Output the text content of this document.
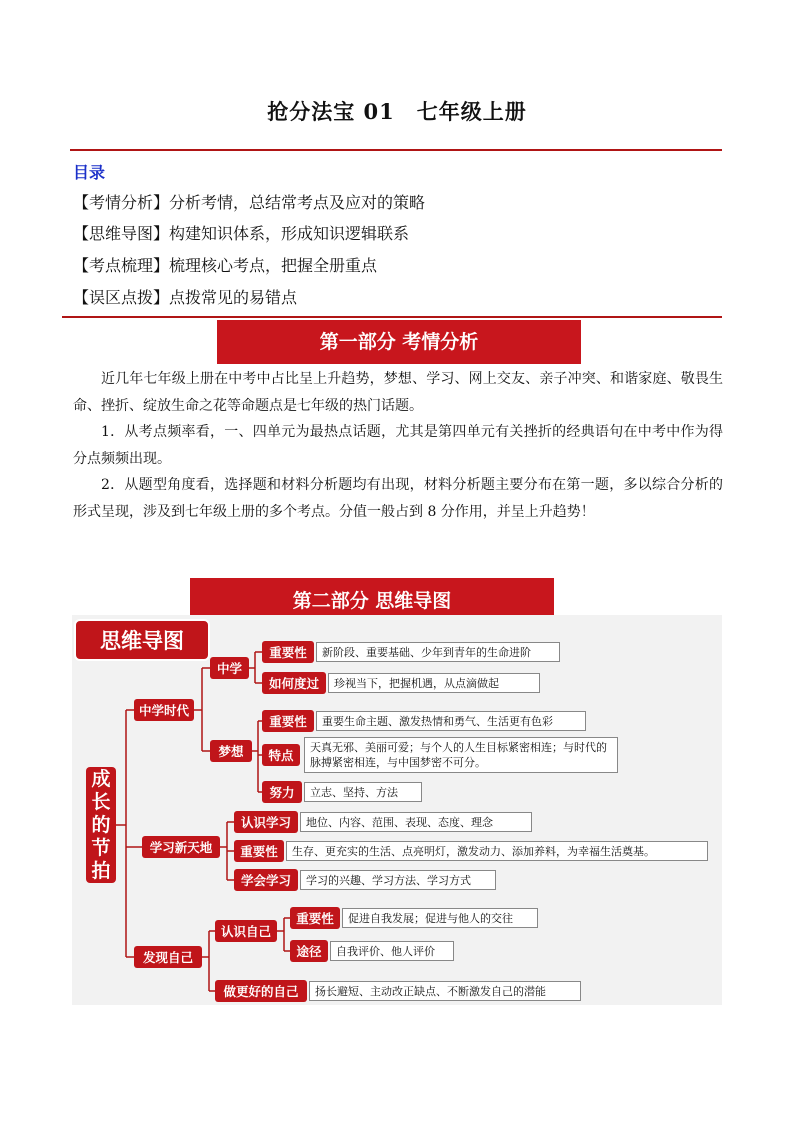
抢分法宝 01　七年级上册
目录
【考情分析】分析考情，总结常考点及应对的策略
【思维导图】构建知识体系，形成知识逻辑联系
【考点梳理】梳理核心考点，把握全册重点
【误区点拨】点拨常见的易错点
第一部分 考情分析

近几年七年级上册在中考中占比呈上升趋势，梦想、学习、网上交友、亲子冲突、和谐家庭、敬畏生命、挫折、绽放生命之花等命题点是七年级的热门话题。

1．从考点频率看，一、四单元为最热点话题，尤其是第四单元有关挫折的经典语句在中考中作为得分点频频出现。

2．从题型角度看，选择题和材料分析题均有出现，材料分析题主要分布在第一题，多以综合分析的形式呈现，涉及到七年级上册的多个考点。分值一般占到 8 分作用，并呈上升趋势！

第二部分 思维导图
思维导图
成
长
的
节
拍
中学时代
中学
重要性	新阶段、重要基础、少年到青年的生命进阶
如何度过	珍视当下，把握机遇，从点滴做起
梦想
重要性	重要生命主题、激发热情和勇气、生活更有色彩
特点
天真无邪、美丽可爱；与个人的人生目标紧密相连；与时代的脉搏紧密相连，与中国梦密不可分。
努力	立志、坚持、方法
学习新天地
认识学习	地位、内容、范围、表现、态度、理念
重要性	生存、更充实的生活、点亮明灯，激发动力、添加养料，为幸福生活奠基。
学会学习	学习的兴趣、学习方法、学习方式
发现自己
认识自己
重要性	促进自我发展；促进与他人的交往
途径	自我评价、他人评价
做更好的自己	扬长避短、主动改正缺点、不断激发自己的潜能
